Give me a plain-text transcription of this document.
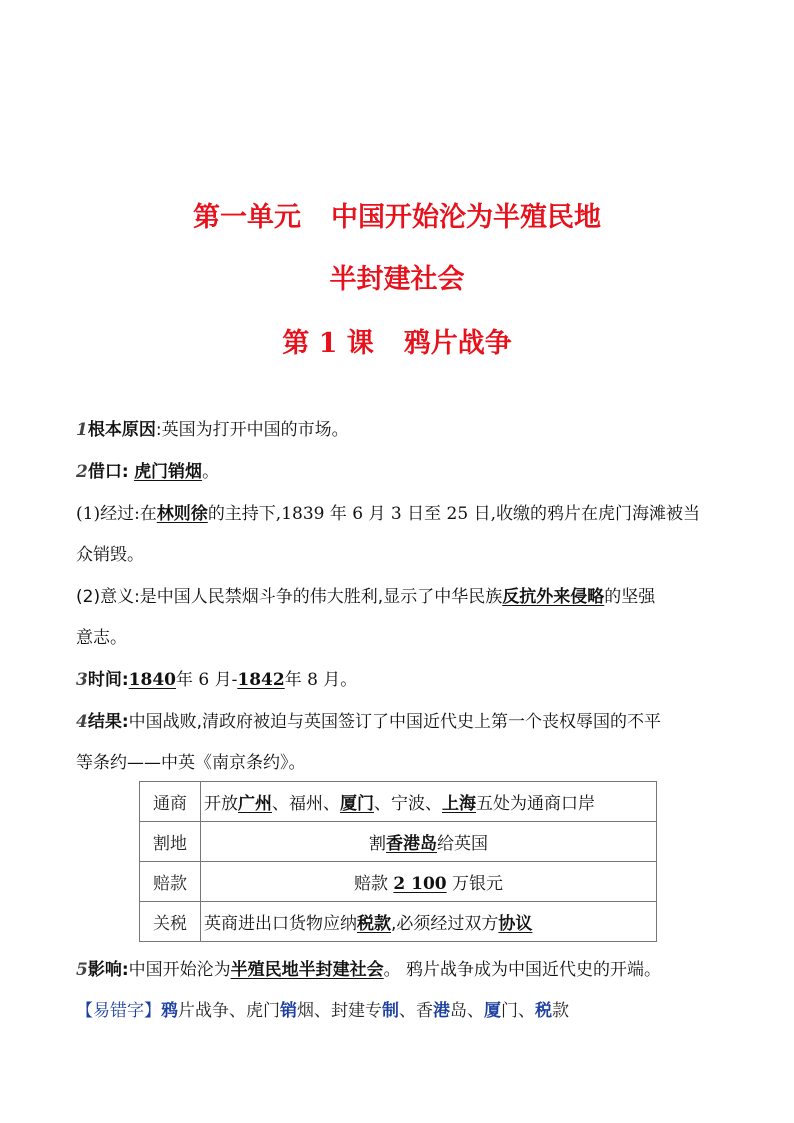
第一单元 中国开始沦为半殖民地
半封建社会
第 1 课 鸦片战争
1根本原因:英国为打开中国的市场。
2借口: 虎门销烟。
(1)经过:在林则徐的主持下,1839 年 6 月 3 日至 25 日,收缴的鸦片在虎门海滩被当
众销毁。
(2)意义:是中国人民禁烟斗争的伟大胜利,显示了中华民族反抗外来侵略的坚强
意志。
3时间:1840年 6 月-1842年 8 月。
4结果:中国战败,清政府被迫与英国签订了中国近代史上第一个丧权辱国的不平
等条约——中英《南京条约》。
通商	开放广州、福州、厦门、宁波、上海五处为通商口岸
割地	割香港岛给英国
赔款	赔款 2 100 万银元
关税	英商进出口货物应纳税款,必须经过双方协议
5影响:中国开始沦为半殖民地半封建社会。 鸦片战争成为中国近代史的开端。
【易错字】鸦片战争、虎门销烟、封建专制、香港岛、厦门、税款
